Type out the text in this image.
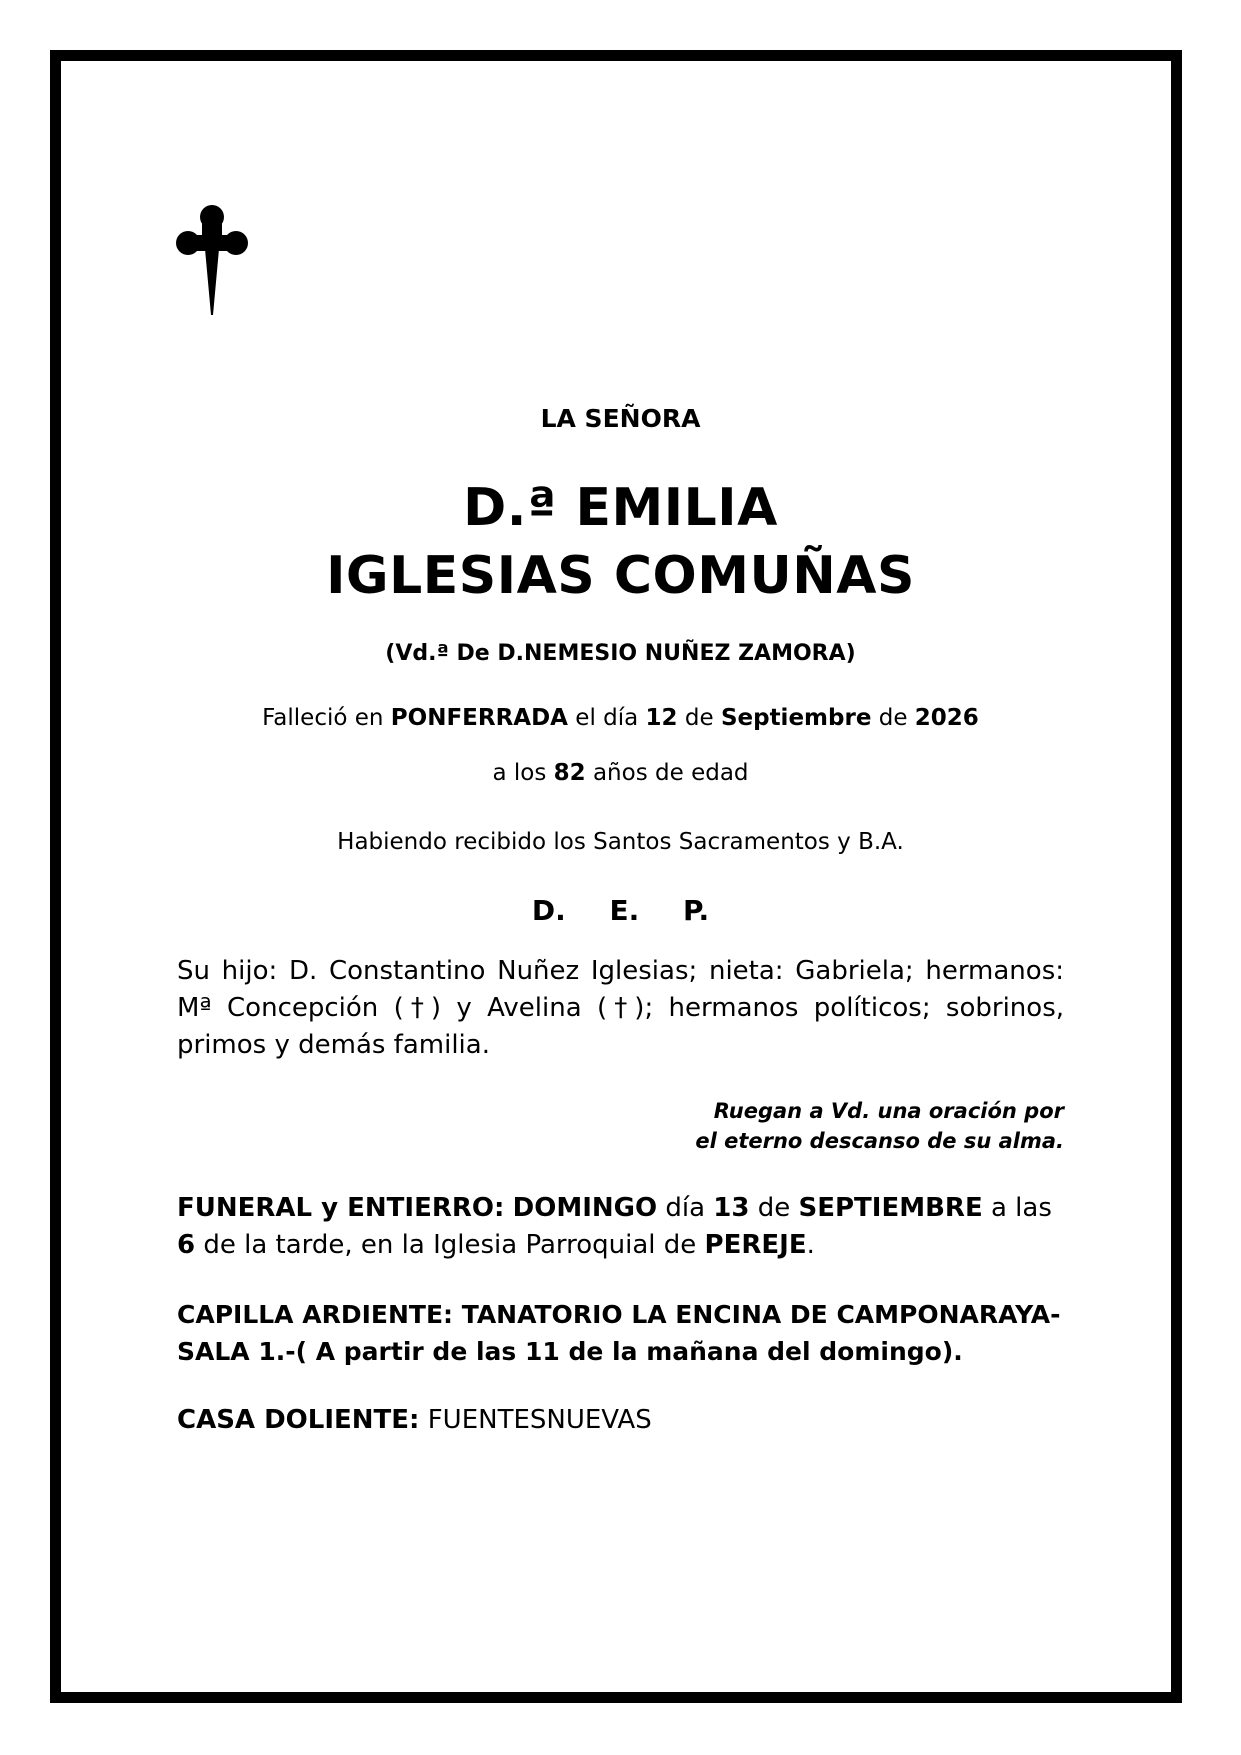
LA SEÑORA
D.ª EMILIA
IGLESIAS COMUÑAS
(Vd.ª De D.NEMESIO NUÑEZ ZAMORA)
Falleció en PONFERRADA el día 12 de Septiembre de 2026
a los 82 años de edad
Habiendo recibido los Santos Sacramentos y B.A.
D. E. P.
Su hijo: D. Constantino Nuñez Iglesias; nieta: Gabriela; hermanos: Mª Concepción (†) y Avelina (†); hermanos políticos; sobrinos, primos y demás familia.
Ruegan a Vd. una oración por
el eterno descanso de su alma.
FUNERAL y ENTIERRO: DOMINGO día 13 de SEPTIEMBRE a las 6 de la tarde, en la Iglesia Parroquial de PEREJE.
CAPILLA ARDIENTE: TANATORIO LA ENCINA DE CAMPONARAYA- SALA 1.-( A partir de las 11 de la mañana del domingo).
CASA DOLIENTE: FUENTESNUEVAS
